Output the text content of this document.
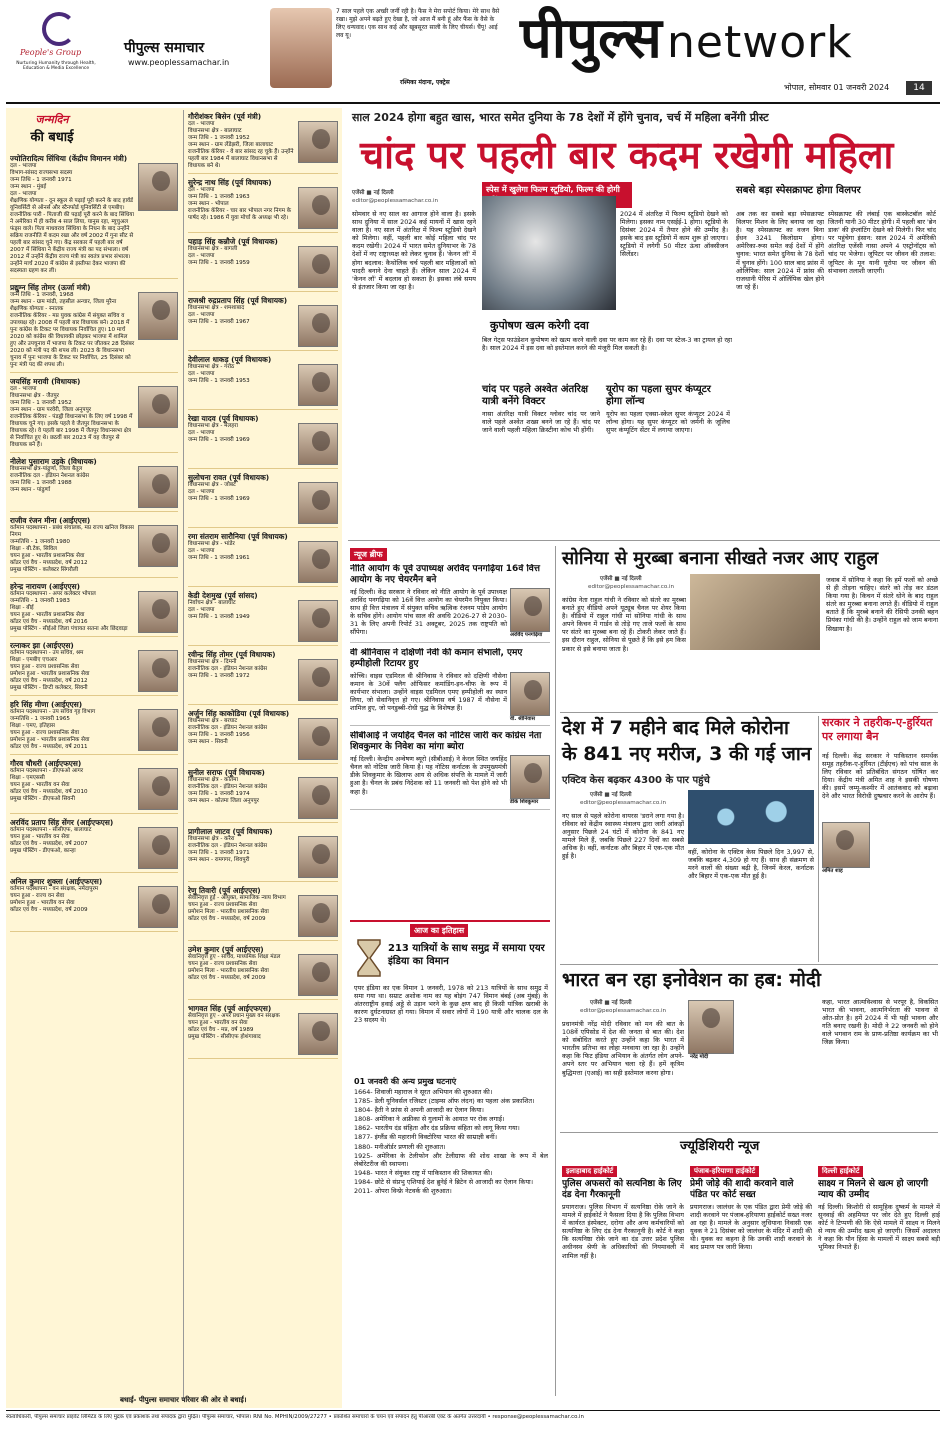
People's Group
Nurturing Humanity through Health, Education & Media Excellence
पीपुल्स समाचार
www.peoplessamachar.in
7 साल पहले एक अच्छी जर्नी रही है। फैंस ने मेरा सपोर्ट किया। मेरे साथ वैसे रखा। मुझे अपने बढ़ते हुए देखा है, जो आज मैं बनी हूं और फैंस के वैसे के लिए धन्यवाद। एक साथ कई और खूबसूरत साली के लिए चीयर्स। चैंपू! आई लव यू।
रश्मिका मंदाना, एक्ट्रेस
पीपुल्स network
भोपाल, सोमवार 01 जनवरी 2024	14
जन्मदिन
की बधाई
ज्योतिरादित्य सिंधिया (केंद्रीय विमानन मंत्री)
दल - भाजपा
विभाग-सांसद राज्यसभा सदस्य
जन्म तिथि - 1 जनवरी 1971
जन्म स्थान - मुंबई
दल - भाजपा
शैक्षणिक योग्यता - दून स्कूल से पढ़ाई पूरी करने के बाद हार्वर्ड यूनिवर्सिटी से ऑनर्स और स्टैनफोर्ड यूनिवर्सिटी से एमबीए।
राजनीतिक पारी - पिताजी की पढ़ाई पूरी करने के बाद सिंधिया ने अमेरिका में ही करीब 4 साल लिया, यानुस रहा, म्यूचुअल फंड्स वाले। पिता माधवराव सिंधिया के निधन के बाद उन्होंने सक्रिय राजनीति में कदम रखा और वर्ष 2002 में गुना सीट से पहली बार सांसद चुने गए। केंद्र सरकार में पहली बार वर्ष 2007 में सिंधिया ने केंद्रीय राज्य मंत्री का पद संभाला। वर्ष 2012 में उन्होंने केंद्रीय राज्य मंत्री का स्वतंत्र प्रभार संभाला। उन्होंने मार्च 2020 में कांग्रेस से इस्तीफा देकर भाजपा की सदस्यता ग्रहण कर ली।
प्रद्युम्न सिंह तोमर (ऊर्जा मंत्री)
जन्म तिथि - 1 जनवरी, 1968
जन्म स्थान - ग्राम मांढी, तहसील अन्चार, जिला मुरैना
शैक्षणिक योग्यता - स्नातक
राजनीतिक कॅरियर - मप्र युवक कांग्रेस में संयुक्त सचिव व उपाध्यक्ष रहे। 2008 में पहली बार विधायक बने। 2018 में पुनः कांग्रेस के टिकट पर विधायक निर्वाचित हुए। 10 मार्च 2020 को कांग्रेस की विधायकी छोड़कर भाजपा में शामिल हुए और उपचुनाव में भाजपा के टिकट पर जीतकर 28 दिसंबर 2020 को मंत्री पद की शपथ ली। 2023 के विधानसभा चुनाव में पुनः भाजपा के टिकट पर निर्वाचित, 25 दिसंबर को पुनः मंत्री पद की शपथ ली।
जयसिंह मरावी (विधायक)
दल - भाजपा
विधानसभा क्षेत्र - जैतपुर
जन्म तिथि - 1 जनवरी 1952
जन्म स्थान - ग्राम परवेरी, जिला अनूपपुर
राजनीतिक कॅरियर - पंडह्वी विधानसभा के लिए वर्ष 1998 में विधायक चुने गए। इसके पहले वे जैतपुर विधानसभा के विधायक रहे। वे पहली बार 1998 में जैतपुर विधानसभा क्षेत्र से निर्वाचित हुए थे। छठवीं बार 2023 में वह जैतपुर से विधायक बने हैं।
नीलेश पुसाराम उइके (विधायक)
विधानसभा क्षेत्र-पांढुर्णा, जिला बैतूल
राजनीतिक दल - इंडियन नेशनल कांग्रेस
जन्म तिथि - 1 जनवरी 1988
जन्म स्थान - पांढुर्णा
राजीव रंजन मीना (आईएएस)
वर्तमान पदस्थापना - प्रबंध संचालक, मप्र राज्य खनिज विकास निगम
जन्मतिथि - 1 जनवरी 1980
शिक्षा - बी.टेक, सिविल
चयन हुआ - भारतीय प्रशासनिक सेवा
कॉडर एवं वैच - मध्यप्रदेश, वर्ष 2012
प्रमुख पोस्टिंग - कलेक्टर सिंगरौली
हरेन्द्र नारायण (आईएएस)
वर्तमान पदस्थापना - अपर कलेक्टर भोपाल
जन्मतिथि - 1 जनवरी 1983
शिक्षा - बीई
चयन हुआ - भारतीय प्रशासनिक सेवा
कॉडर एवं वैच - मध्यप्रदेश, वर्ष 2016
प्रमुख पोस्टिंग - सीईओ जिला पंचायत सतना और छिंदवाड़ा
रत्नाकर झा (आईएएस)
वर्तमान पदस्थापना - उप सचिव, श्रम
शिक्षा - एमबीए एचआर
चयन हुआ - राज्य प्रशासनिक सेवा
प्रमोशन हुआ - भारतीय प्रशासनिक सेवा
कॉडर एवं वैच - मध्यप्रदेश, वर्ष 2012
प्रमुख पोस्टिंग - डिप्टी कलेक्टर, सिवनी
हरि सिंह मीणा (आईएएस)
वर्तमान पदस्थापना - उप सचिव गृह विभाग
जन्मतिथि - 1 जनवरी 1965
शिक्षा - एमए, इतिहास
चयन हुआ - राज्य प्रशासनिक सेवा
प्रमोशन हुआ - भारतीय प्रशासनिक सेवा
कॉडर एवं वैच - मध्यप्रदेश, वर्ष 2011
गौरव चौधरी (आईएफएस)
वर्तमान पदस्थापना - डीएफओ आगर
शिक्षा - एमएससी
चयन हुआ - भारतीय वन सेवा
कॉडर एवं वैच - मध्यप्रदेश, वर्ष 2010
प्रमुख पोस्टिंग - डीएफओ सिवनी
अरविंद प्रताप सिंह सेंगर (आईएफएस)
वर्तमान पदस्थापना - सीसीएफ, बालाघाट
चयन हुआ - भारतीय वन सेवा
कॉडर एवं वैच - मध्यप्रदेश, वर्ष 2007
प्रमुख पोस्टिंग - डीएफओ, कान्हा
अनिल कुमार शुक्ला (आईएफएस)
वर्तमान पदस्थापना - वन संरक्षक, नर्मदापुरम
चयन हुआ - राज्य वन सेवा
प्रमोशन हुआ - भारतीय वन सेवा
कॉडर एवं वैच - मध्यप्रदेश, वर्ष 2009
गौरीशंकर बिसेन (पूर्व मंत्री)
दल - भाजपा
विधानसभा क्षेत्र - बालाघाट
जन्म तिथि - 1 जनवरी 1952
जन्म स्थान - ग्राम लेंडेझरी, जिला बालाघाट
राजनीतिक कॅरियर - वे बार सांसद रह चुके हैं। उन्होंने पहली बार 1984 में बालाघाट विधानसभा से विधायक बने थे।
सुरेन्द्र नाथ सिंह (पूर्व विधायक)
दल - भाजपा
जन्म तिथि - 1 जनवरी 1963
जन्म स्थान - भोपाल
राजनीतिक कॅरियर - चार बार भोपाल नगर निगम के पार्षद रहे। 1986 में युवा मोर्चा के अध्यक्ष भी रहे।
पहाड़ सिंह कन्नौजे (पूर्व विधायक)
विधानसभा क्षेत्र - बागली
दल - भाजपा
जन्म तिथि - 1 जनवरी 1959
राजश्री रुद्रप्रताप सिंह (पूर्व विधायक)
विधानसभा क्षेत्र - शमशाबाद
दल - भाजपा
जन्म तिथि - 1 जनवरी 1967
देवीलाल धाकड़ (पूर्व विधायक)
विधानसभा क्षेत्र - गरोठ
दल - भाजपा
जन्म तिथि - 1 जनवरी 1953
रेखा यादव (पूर्व विधायक)
विधानसभा क्षेत्र - मलहरा
दल - भाजपा
जन्म तिथि - 1 जनवरी 1969
सुलोचना रावत (पूर्व विधायक)
विधानसभा क्षेत्र - जोबट
दल - भाजपा
जन्म तिथि - 1 जनवरी 1969
रमा संतराम सारौनिया (पूर्व विधायक)
विधानसभा क्षेत्र - भांडेर
दल - भाजपा
जन्म तिथि - 1 जनवरी 1961
केडी देशमुख (पूर्व सांसद)
निर्वाचन क्षेत्र - बालाघाट
दल - भाजपा
जन्म तिथि - 1 जनवरी 1949
रवीन्द्र सिंह तोमर (पूर्व विधायक)
विधानसभा क्षेत्र - दिमनी
राजनीतिक दल - इंडियन नेशनल कांग्रेस
जन्म तिथि - 1 जनवरी 1972
अर्जुन सिंह काकोडिया (पूर्व विधायक)
विधानसभा क्षेत्र - बरघाट
राजनीतिक दल - इंडियन नेशनल कांग्रेस
जन्म तिथि - 1 जनवरी 1956
जन्म स्थान - सिवनी
सुनील सराफ (पूर्व विधायक)
विधानसभा क्षेत्र - कोतमा
राजनीतिक दल - इंडियन नेशनल कांग्रेस
जन्म तिथि - 1 जनवरी 1974
जन्म स्थान - कोतमा जिला अनूपपुर
प्रागीलाल जाटव (पूर्व विधायक)
विधानसभा क्षेत्र - करैरा
राजनीतिक दल - इंडियन नेशनल कांग्रेस
जन्म तिथि - 1 जनवरी 1971
जन्म स्थान - रामगगर, शिवपुरी
रेणु तिवारी (पूर्व आईएएस)
सेवानिवृत्त हुईं - आयुक्त, सामाजिक न्याय विभाग
चयन हुआ - राज्य प्रशासनिक सेवा
प्रमोशन मिला - भारतीय प्रशासनिक सेवा
कॉडर एवं वैच - मध्यप्रदेश, वर्ष 2009
उमेश कुमार (पूर्व आईएएस)
सेवानिवृत्त हुए - सचिव, माध्यमिक शिक्षा मंडल
चयन हुआ - राज्य प्रशासनिक सेवा
प्रमोशन मिला - भारतीय प्रशासनिक सेवा
कॉडर एवं वैच - मध्यप्रदेश, वर्ष 2009
भागवत सिंह (पूर्व आईएफएस)
सेवानिवृत्त हुए - अपर प्रधान मुख्य वन संरक्षक
चयन हुआ - भारतीय वन सेवा
कॉडर एवं वैच - मप्र, वर्ष 1989
प्रमुख पोस्टिंग - सीसीएफ होशंगाबाद
बधाई- पीपुल्स समाचार परिवार की ओर से बधाई।
साल 2024 होगा बहुत खास, भारत समेत दुनिया के 78 देशों में होंगे चुनाव, चर्च में महिला बनेंगी प्रीस्ट
चांद पर पहली बार कदम रखेगी महिला
एजेंसी ■ नई दिल्ली
editor@peoplessamachar.co.in
स्पेस में खुलेगा फिल्म स्टूडियो, फिल्म की होगी	सबसे बड़ा स्पेसक्राफ्ट होगा विलपर
सोमवार से नए साल का आगाज होने वाला है। इसके साथ दुनिया में साल 2024 कई मायनों में खास रहने वाला है। नए साल में अंतरिक्ष में फिल्म स्टूडियो देखने को मिलेगा। वहीं, पहली बार कोई महिला चांद पर कदम रखेगी। 2024 में भारत समेत दुनियाभर के 78 देशों में नए राष्ट्राध्यक्ष को लेकर चुनाव हैं। 'केनन लॉ' में होगा बदलाव: कैथोलिक चर्च पहली बार महिलाओं को पादरी बनाने देना चाहते हैं। लेकिन साल 2024 में 'केनन लॉ' में बदलाव हो सकता है। इसका लंबे समय से इंतजार किया जा रहा है।
2024 में अंतरिक्ष में फिल्म स्टूडियो देखने को मिलेगा। इसका नाम एसईई-1 होगा। स्टूडियो के दिसंबर 2024 में तैयार होने की उम्मीद है। इसके बाद इस स्टूडियो में काम शुरू हो जाएगा। स्टूडियो में लगेगी 50 मीटर ऊंचा ऑक्सीजन सिलेंडर।
कुपोषण खत्म करेगी दवा
बिल गेट्स फाउंडेशन कुपोषण को खत्म करने वाली दवा पर काम कर रहे हैं। दवा पर स्टेज-3 का ट्रायल हो रहा है। साल 2024 में इस दवा को इस्तेमाल करने की मंजूरी मिल सकती है।
चांद पर पहले अश्वेत अंतरिक्ष यात्री बनेंगे विक्टर
नासा अंतरिक्ष यात्री विक्टर ग्लोवर चांद पर जाने वाले पहले अश्वेत शख्स बनने जा रहे हैं। चांद पर जाने वाली पहली महिला क्रिस्टीना कोच भी होंगी।
यूरोप का पहला सुपर कंप्यूटर होगा लॉन्च
यूरोप का पहला एक्सा-स्केल सुपर कंप्यूटर 2024 में लॉन्च होगा। यह सुपर कंप्यूटर को जर्मनी के जूलिच सुपर कंप्यूटिंग सेंटर में लगाया जाएगा।
अब तक का सबसे बड़ा स्पेसक्राफ्ट विलपर मिशन के लिए बनाया जा रहा है। यह स्पेसक्राफ्ट का वजन बिना ईंधन 3241 किलोग्राम होगा। अमेरिका-रूस समेत कई देशों में होंगे चुनाव: भारत समेत दुनिया के 78 देशों में चुनाव होंगे। 100 साल बाद फ्रांस में ओलिंपिक: साल 2024 में फ्रांस की राजधानी पेरिस में ओलिंपिक खेल होने जा रहे हैं।
स्पेसक्राफ्ट की लंबाई एक बास्केटबॉल कोर्ट जितनी यानी 30 मीटर होगी। में पहली बार 'ब्रेन डाक' की इंप्लांटिंग देखने को मिलेगी। फिर चांद पर पहुंचेगा इंसान: साल 2024 में अमेरिकी अंतरिक्ष एजेंसी नासा अपने 4 एस्ट्रोनॉट्स को चांद पर भेजेगा। जूपिटर पर जीवन की तलाश: जूपिटर के मून यानी यूरोपा पर जीवन की संभावना तलाशी जाएगी।
न्यूज ब्रीफ
नीति आयोग के पूर्व उपाध्यक्ष अरविंद पनगढ़िया 16वें वित्त आयोग के नए चेयरमैन बने
नई दिल्ली। केंद्र सरकार ने रविवार को नीति आयोग के पूर्व उपाध्यक्ष अरविंद पनगढ़िया को 16वें वित्त आयोग का चेयरमैन नियुक्त किया। साथ ही वित्त मंत्रालय में संयुक्त सचिव ऋत्विक रंजनम पांडेय आयोग के सचिव होंगे। आयोग पांच साल की अवधि 2026-27 से 2030-31 के लिए अपनी रिपोर्ट 31 अक्टूबर, 2025 तक राष्ट्रपति को सौंपेगा।	अरविंद पनगढ़िया
वी श्रीनिवास ने दक्षिणी नेवी की कमान संभाली, एमए हम्पीहोली रिटायर हुए
कोच्चि। वाइस एडमिरल वी श्रीनिवास ने रविवार को दक्षिणी नौसेना कमान के 30वें फ्लैग ऑफिसर कमांडिंग-इन-चीफ के रूप में कार्यभार संभाला। उन्होंने वाइस एडमिरल एमए हम्पीहोली का स्थान लिया, जो सेवानिवृत्त हो गए। श्रीनिवास वर्ष 1987 में नौसेना में शामिल हुए, जो पनडुब्बी-रोधी युद्ध के विशेषज्ञ हैं।
वी. श्रीनिवास
सीबीआई ने जयहिंद चैनल को नोटिस जारी कर कांग्रेस नेता शिवकुमार के निवेश का मांगा ब्योरा
नई दिल्ली। केन्द्रीय अन्वेषण ब्यूरो (सीबीआई) ने केरल स्थित जयहिंद चैनल को नोटिस जारी किया है। यह नोटिस कर्नाटक के उपमुख्यमंत्री डीके शिवकुमार के खिलाफ आय से अधिक संपत्ति के मामले में जारी हुआ है। चैनल के प्रबंध निदेशक को 11 जनवरी को पेश होने को भी कहा है।
डीके शिवकुमार
आज का इतिहास
213 यात्रियों के साथ समुद्र में समाया एयर इंडिया का विमान
एयर इंडिया का एक विमान 1 जनवरी, 1978 को 213 यात्रियों के साथ समुद्र में समा गया था। सम्राट अशोक नाम का यह बोइंग 747 विमान बंबई (अब मुंबई) के अंतरराष्ट्रीय हवाई अड्डे से उड़ान भरने के कुछ क्षण बाद ही किसी यांत्रिक खराबी के कारण दुर्घटनाग्रस्त हो गया। विमान में सवार लोगों में 190 यात्री और चालक दल के 23 सदस्य थे।
01 जनवरी की अन्य प्रमुख घटनाएं
1664- शिवाजी महाराज ने सूरत अभियान की शुरुआत की।
1785- डेली यूनिवर्सल रजिस्टर (टाइम्स ऑफ लंदन) का पहला अंक प्रकाशित।
1804- हैती ने फ्रांस से अपनी आजादी का ऐलान किया।
1808- अमेरिका ने अफ्रीका से गुलामों के आयात पर रोक लगाई।
1862- भारतीय दंड संहिता और दंड प्रक्रिया संहिता को लागू किया गया।
1877- इंग्लैंड की महारानी विक्टोरिया भारत की साम्राज्ञी बनीं।
1880- मनीऑर्डर प्रणाली की शुरुआत।
1925- अमेरिका के टेलीफोन और टेलीग्राफ की शोध शाखा के रूप में बेल लेबोरेटरीज की स्थापना।
1948- भारत ने संयुक्त राष्ट्र में पाकिस्तान की शिकायत की।
1984- छोटे से संप्रभु एशियाई देश ब्रुनेई ने ब्रिटेन से आजादी का ऐलान किया।
2011- ओपरा विन्फ्रे नेटवर्क की शुरुआत।
सोनिया से मुरब्बा बनाना सीखते नजर आए राहुल
एजेंसी ■ नई दिल्ली
editor@peoplessamachar.co.in
कांग्रेस नेता राहुल गांधी ने रविवार को संतरे का मुरब्बा बनाते हुए वीडियो अपने यूट्यूब चैनल पर शेयर किया है। वीडियो में राहुल गांधी मां सोनिया गांधी के साथ अपने किचन में गार्डन से तोड़े गए ताजे फलों के साथ पर संतरे का मुरब्बा बना रहे हैं। टोकरी लेकर जाते हैं। इस दौरान राहुल, सोनिया से पूछते हैं कि इसे हम किस प्रकार से इसे बनाया जाता है।
जवाब में सोनिया ने कहा कि हमें फलों को अच्छे से ही तोड़ना चाहिए। संतरे को तोड़ कर डंठल किया गया है। किचन में संतरे धोने के बाद राहुल संतरे का मुरब्बा बनाना लगते हैं। वीडियो में राहुल बताते हैं कि मुरब्बे बनाने की रेसिपी उनकी बहन प्रियंका गांधी की है। उन्होंने राहुल को जाम बनाना सिखाया है।
देश में 7 महीने बाद मिले कोरोना
के 841 नए मरीज, 3 की गई जान
एक्टिव केस बढ़कर 4300 के पार पहुंचे
एजेंसी ■ नई दिल्ली
editor@peoplessamachar.co.in
नए साल से पहले कोरोना वायरस 'डराने लगा गया है। रविवार को केंद्रीय स्वास्थ्य मंत्रालय द्वारा जारी आंकड़ों अनुसार पिछले 24 घंटों में कोरोना के 841 नए मामले मिले हैं, जबकि पिछले 227 दिनों का सबसे अधिक है। वहीं, कर्नाटक और बिहार में एक-एक मौत हुई है।
वहीं, कोरोना के एक्टिव केस पिछले दिन 3,997 से, जबकि बढ़कर 4,309 हो गए हैं। साथ ही संक्रमण से मरने वालों की संख्या बढ़ी है, जिनमें केरल, कर्नाटक और बिहार में एक-एक मौत हुई है।
सरकार ने तहरीक-ए-हुर्रियत पर लगाया बैन
अमित शाह
नई दिल्ली। केंद्र सरकार ने पाकिस्तान समर्थक समूह तहरीक-ए-हुर्रियत (टीईएच) को पांच साल के लिए रविवार को प्रतिबंधित संगठन घोषित कर दिया। केंद्रीय मंत्री अमित शाह ने इसकी घोषणा की। इसमें जम्मू-कश्मीर में आतंकवाद को बढ़ावा देने और भारत विरोधी दुष्प्रचार करने के आरोप हैं।
भारत बन रहा इनोवेशन का हब: मोदी
एजेंसी ■ नई दिल्ली
editor@peoplessamachar.co.in
प्रधानमंत्री नरेंद्र मोदी रविवार को मन की बात के 108वें एपिसोड में देश की जनता से बात की। देश को संबोधित करते हुए उन्होंने कहा कि भारत में भारतीय प्रतिभा का लोहा मनवाया जा रहा है। उन्होंने कहा कि फिट इंडिया अभियान के अंतर्गत लोग अपने-अपने स्तर पर अभियान चला रहे हैं। हमें कृत्रिम बुद्धिमत्ता (एआई) का सही इस्तेमाल करना होगा।
नरेंद्र मोदी
कहा, भारत आत्मविश्वास से भरपूर है, विकसित भारत की भावना, आत्मनिर्भरता की भावना से ओत-प्रोत है। हमें 2024 में भी यही भावना और गति बनाए रखनी है। मोदी ने 22 जनवरी को होने वाले भगवान राम के प्राण-प्रतिष्ठा कार्यक्रम का भी जिक्र किया।
ज्यूडिशियरी न्यूज
इलाहाबाद हाईकोर्ट
पुलिस अफसरों को सत्यनिष्ठा के लिए दंड देना गैरकानूनी
प्रयागराज। पुलिस विभाग में सत्यनिष्ठा रोके जाने के मामले में हाईकोर्ट ने फैसला दिया है कि पुलिस विभाग में कार्यरत इंस्पेक्टर, दरोगा और अन्य कर्मचारियों को सत्यनिष्ठा के लिए दंड देना गैरकानूनी है। कोर्ट ने कहा कि सत्यनिष्ठा रोके जाने का दंड उत्तर प्रदेश पुलिस अधीनस्थ श्रेणी के अधिकारियों की नियमावली में शामिल नहीं है।
पंजाब-हरियाणा हाईकोर्ट
प्रेमी जोड़े की शादी करवाने वाले पंडित पर कोर्ट सख्त
प्रयागराज। जालंधर के एक पंडित द्वारा प्रेमी जोड़े की शादी करवाने पर पंजाब-हरियाणा हाईकोर्ट सख्त नजर आ रहा है। मामले के अनुसार लुधियाना निवासी एक युवक ने 21 दिसंबर को जालंधर के मंदिर में शादी की थी। युवक का कहना है कि उनकी शादी करवाने के बाद प्रमाण पत्र जारी किया।
दिल्ली हाईकोर्ट
साक्ष्य न मिलने से खत्म हो जाएगी न्याय की उम्मीद
नई दिल्ली। किशोरी से सामूहिक दुष्कर्म के मामले में सुनवाई की अहमियत पर जोर देते हुए दिल्ली हाई कोर्ट ने टिप्पणी की कि ऐसे मामले में साक्ष्य न मिलने से न्याय की उम्मीद खत्म हो जाएगी। जिसमें अदालत ने कहा कि यौन हिंसा के मामलों में साक्ष्य सबसे बड़ी भूमिका निभाते हैं।
स्वत्वाधिकारी, पीपुल्स समाचार प्राइवेट लिमिटेड के लिए मुद्रक एवं प्रकाशक तथा संपादक द्वारा मुद्रित। पीपुल्स समाचार, भोपाल। RNI No. MPHIN/2009/27277 • प्रकाशित समाचारों के चयन एवं संपादन हेतु पीआरबी एक्ट के अंतर्गत उत्तरदायी • response@peoplessamachar.co.in
